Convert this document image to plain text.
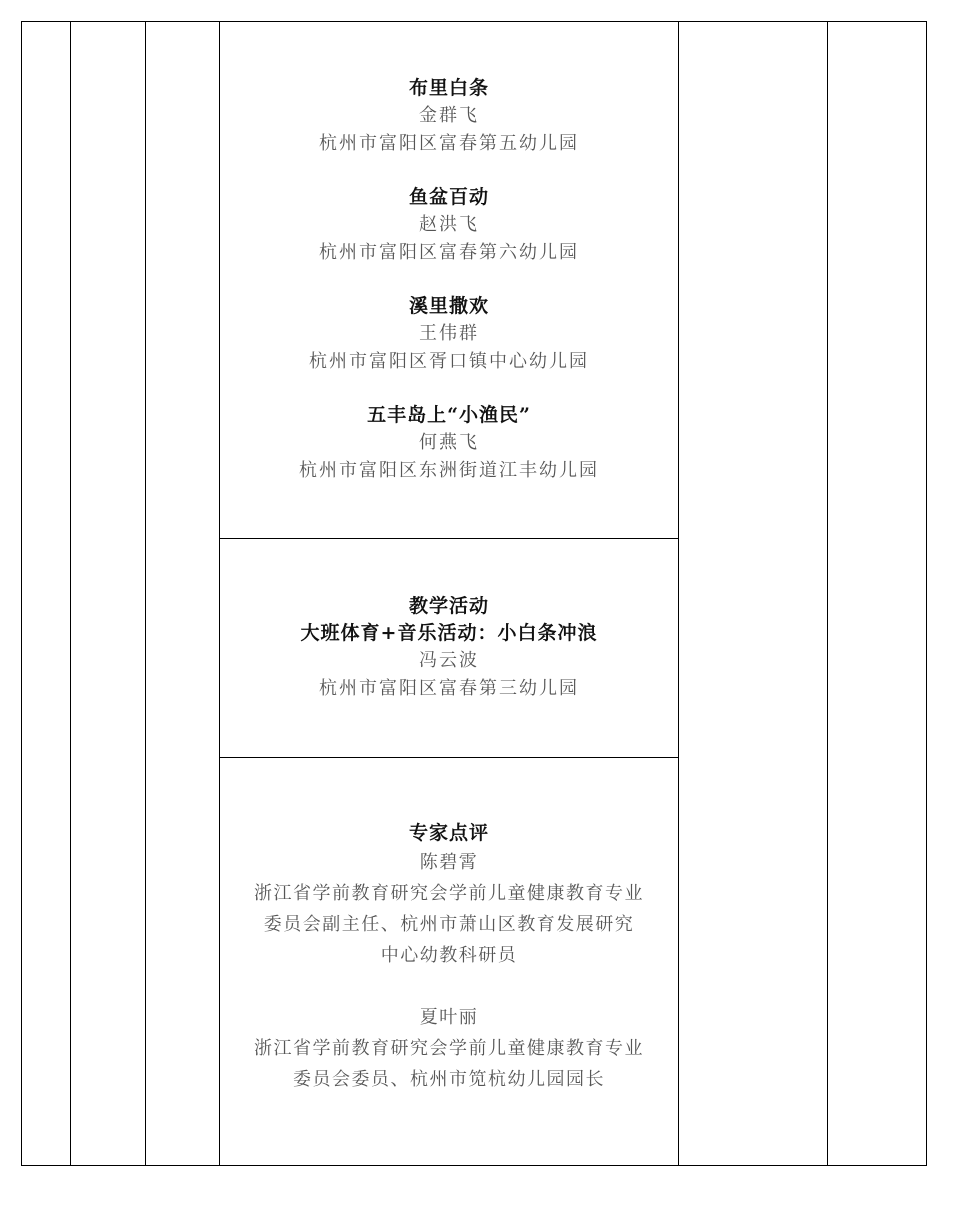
布里白条
金群飞
杭州市富阳区富春第五幼儿园
鱼盆百动
赵洪飞
杭州市富阳区富春第六幼儿园
溪里撒欢
王伟群
杭州市富阳区胥口镇中心幼儿园
五丰岛上“小渔民”
何燕飞
杭州市富阳区东洲街道江丰幼儿园
教学活动
大班体育+音乐活动：小白条冲浪
冯云波
杭州市富阳区富春第三幼儿园
专家点评
陈碧霄
浙江省学前教育研究会学前儿童健康教育专业
委员会副主任、杭州市萧山区教育发展研究
中心幼教科研员
夏叶丽
浙江省学前教育研究会学前儿童健康教育专业
委员会委员、杭州市笕杭幼儿园园长
